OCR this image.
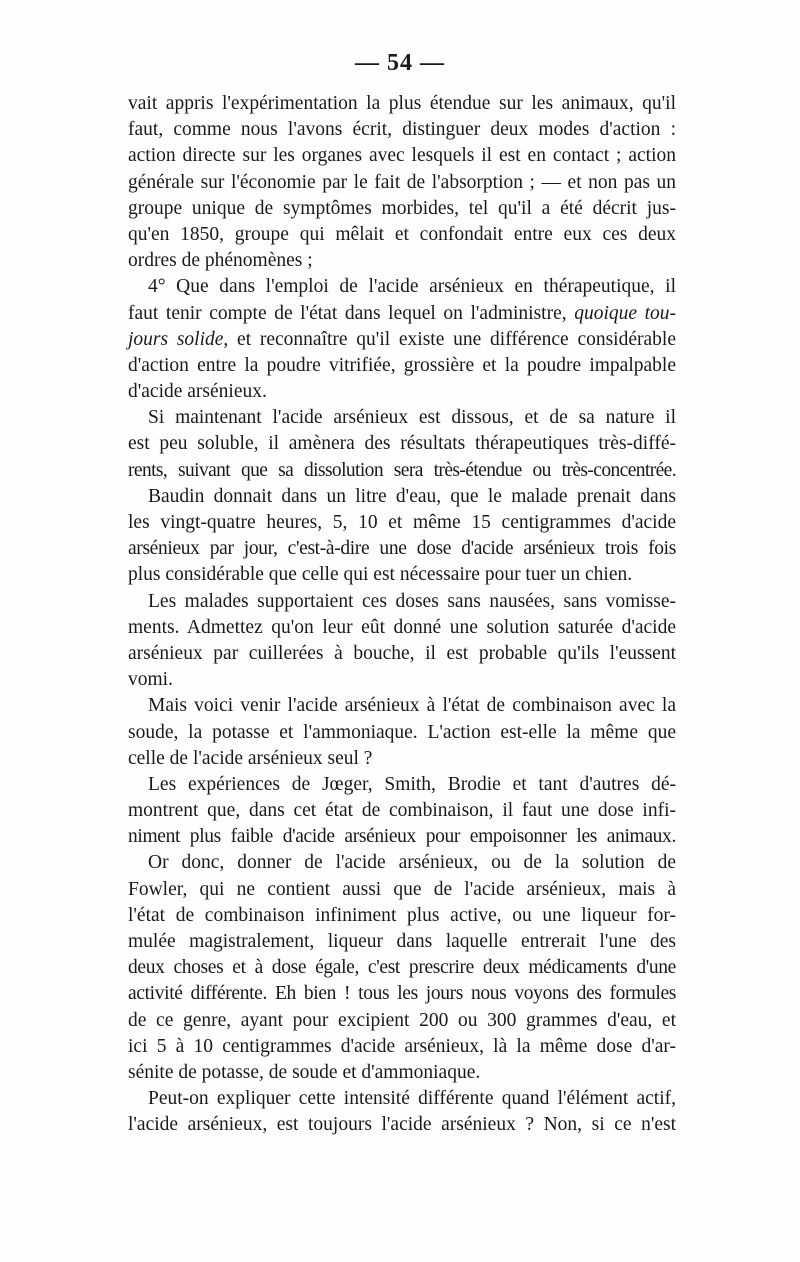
— 54 —
vait appris l'expérimentation la plus étendue sur les animaux, qu'il
faut, comme nous l'avons écrit, distinguer deux modes d'action :
action directe sur les organes avec lesquels il est en contact ; action
générale sur l'économie par le fait de l'absorption ; — et non pas un
groupe unique de symptômes morbides, tel qu'il a été décrit jus-
qu'en 1850, groupe qui mêlait et confondait entre eux ces deux
ordres de phénomènes ;
4° Que dans l'emploi de l'acide arsénieux en thérapeutique, il
faut tenir compte de l'état dans lequel on l'administre, quoique tou-
jours solide, et reconnaître qu'il existe une différence considérable
d'action entre la poudre vitrifiée, grossière et la poudre impalpable
d'acide arsénieux.
Si maintenant l'acide arsénieux est dissous, et de sa nature il
est peu soluble, il amènera des résultats thérapeutiques très-diffé-
rents, suivant que sa dissolution sera très-étendue ou très-concentrée.
Baudin donnait dans un litre d'eau, que le malade prenait dans
les vingt-quatre heures, 5, 10 et même 15 centigrammes d'acide
arsénieux par jour, c'est-à-dire une dose d'acide arsénieux trois fois
plus considérable que celle qui est nécessaire pour tuer un chien.
Les malades supportaient ces doses sans nausées, sans vomisse-
ments. Admettez qu'on leur eût donné une solution saturée d'acide
arsénieux par cuillerées à bouche, il est probable qu'ils l'eussent
vomi.
Mais voici venir l'acide arsénieux à l'état de combinaison avec la
soude, la potasse et l'ammoniaque. L'action est-elle la même que
celle de l'acide arsénieux seul ?
Les expériences de Jœger, Smith, Brodie et tant d'autres dé-
montrent que, dans cet état de combinaison, il faut une dose infi-
niment plus faible d'acide arsénieux pour empoisonner les animaux.
Or donc, donner de l'acide arsénieux, ou de la solution de
Fowler, qui ne contient aussi que de l'acide arsénieux, mais à
l'état de combinaison infiniment plus active, ou une liqueur for-
mulée magistralement, liqueur dans laquelle entrerait l'une des
deux choses et à dose égale, c'est prescrire deux médicaments d'une
activité différente. Eh bien ! tous les jours nous voyons des formules
de ce genre, ayant pour excipient 200 ou 300 grammes d'eau, et
ici 5 à 10 centigrammes d'acide arsénieux, là la même dose d'ar-
sénite de potasse, de soude et d'ammoniaque.
Peut-on expliquer cette intensité différente quand l'élément actif,
l'acide arsénieux, est toujours l'acide arsénieux ? Non, si ce n'est
